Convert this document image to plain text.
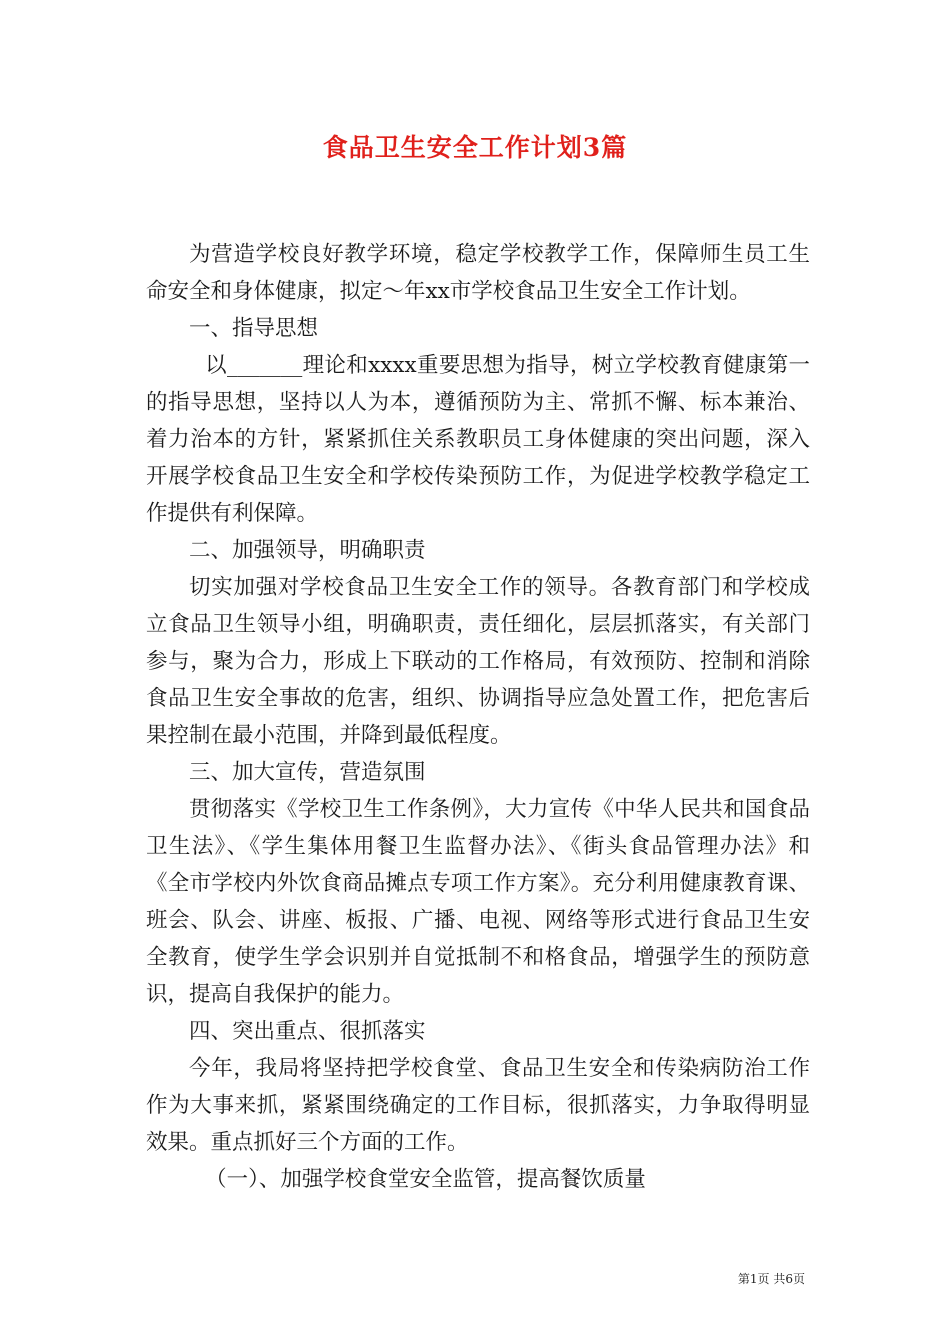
食品卫生安全工作计划3篇

为营造学校良好教学环境，稳定学校教学工作，保障师生员工生命安全和身体健康，拟定～年xx市学校食品卫生安全工作计划。

一、指导思想

以_______理论和xxxx重要思想为指导，树立学校教育健康第一的指导思想，坚持以人为本，遵循预防为主、常抓不懈、标本兼治、着力治本的方针，紧紧抓住关系教职员工身体健康的突出问题，深入开展学校食品卫生安全和学校传染预防工作，为促进学校教学稳定工作提供有利保障。

二、加强领导，明确职责

切实加强对学校食品卫生安全工作的领导。各教育部门和学校成立食品卫生领导小组，明确职责，责任细化，层层抓落实，有关部门参与，聚为合力，形成上下联动的工作格局，有效预防、控制和消除食品卫生安全事故的危害，组织、协调指导应急处置工作，把危害后果控制在最小范围，并降到最低程度。

三、加大宣传，营造氛围

贯彻落实《学校卫生工作条例》，大力宣传《中华人民共和国食品卫生法》、《学生集体用餐卫生监督办法》、《街头食品管理办法》和《全市学校内外饮食商品摊点专项工作方案》。充分利用健康教育课、班会、队会、讲座、板报、广播、电视、网络等形式进行食品卫生安全教育，使学生学会识别并自觉抵制不和格食品，增强学生的预防意识，提高自我保护的能力。

四、突出重点、很抓落实

今年，我局将坚持把学校食堂、食品卫生安全和传染病防治工作作为大事来抓，紧紧围绕确定的工作目标，很抓落实，力争取得明显效果。重点抓好三个方面的工作。

（一）、加强学校食堂安全监管，提高餐饮质量

第1页 共6页
